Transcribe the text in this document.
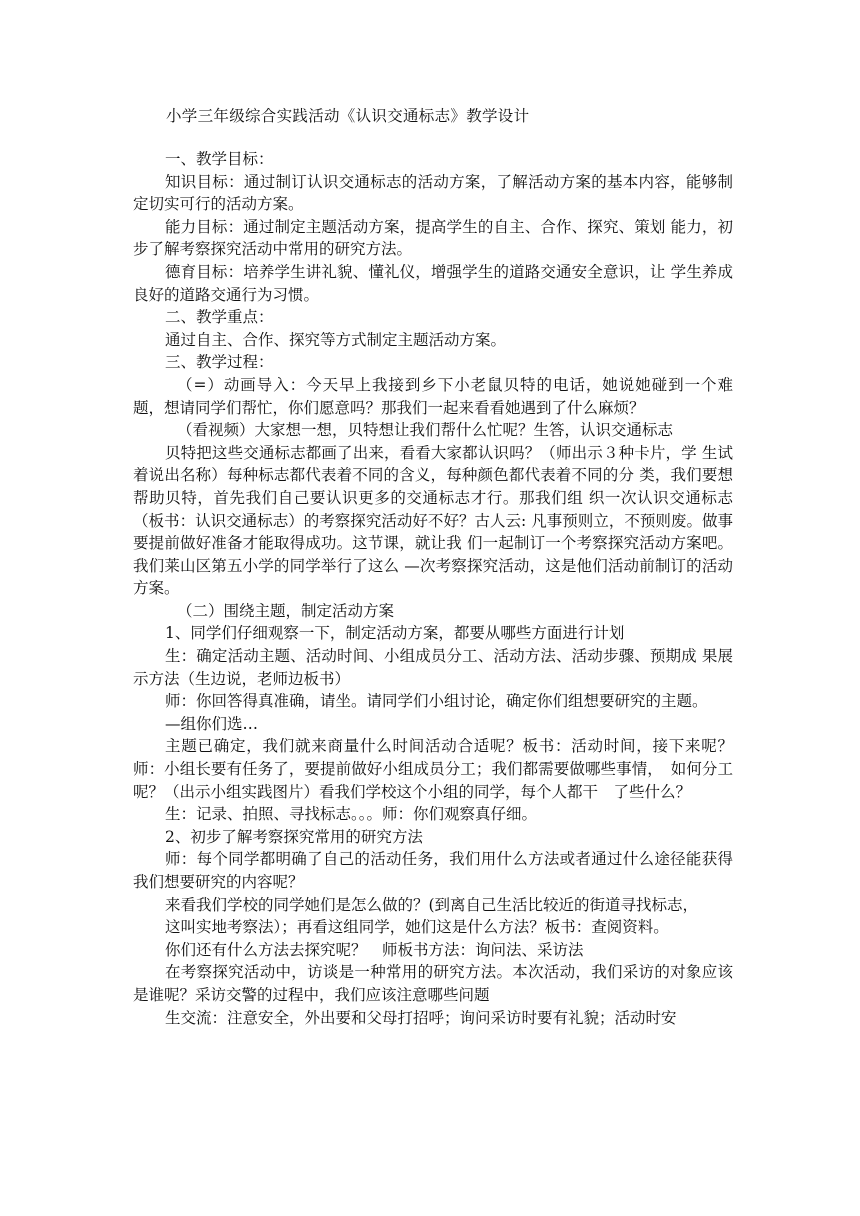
小学三年级综合实践活动《认识交通标志》教学设计

一、教学目标：

知识目标：通过制订认识交通标志的活动方案，了解活动方案的基本内容，能够制定切实可行的活动方案。

能力目标：通过制定主题活动方案，提高学生的自主、合作、探究、策划 能力，初步了解考察探究活动中常用的研究方法。

德育目标：培养学生讲礼貌、懂礼仪，增强学生的道路交通安全意识，让 学生养成良好的道路交通行为习惯。

二、教学重点：

通过自主、合作、探究等方式制定主题活动方案。

三、教学过程：

（=）动画导入：今天早上我接到乡下小老鼠贝特的电话，她说她碰到一个难 题，想请同学们帮忙，你们愿意吗？那我们一起来看看她遇到了什么麻烦？

（看视频）大家想一想，贝特想让我们帮什么忙呢？生答，认识交通标志

贝特把这些交通标志都画了出来，看看大家都认识吗？（师出示３种卡片，学 生试着说出名称）每种标志都代表着不同的含义，每种颜色都代表着不同的分 类，我们要想帮助贝特，首先我们自己要认识更多的交通标志才行。那我们组 织一次认识交通标志（板书：认识交通标志）的考察探究活动好不好？古人云: 凡事预则立，不预则废。做事要提前做好准备才能取得成功。这节课，就让我 们一起制订一个考察探究活动方案吧。我们莱山区第五小学的同学举行了这么 —次考察探究活动，这是他们活动前制订的活动方案。

（二）围绕主题，制定活动方案

1、同学们仔细观察一下，制定活动方案，都要从哪些方面进行计划

生：确定活动主题、活动时间、小组成员分工、活动方法、活动步骤、预期成 果展示方法（生边说，老师边板书）

师：你回答得真准确，请坐。请同学们小组讨论，确定你们组想要研究的主题。

—组你们选…

主题已确定，我们就来商量什么时间活动合适呢？板书：活动时间，接下来呢？　师：小组长要有任务了，要提前做好小组成员分工；我们都需要做哪些事情，　如何分工呢？（出示小组实践图片）看我们学校这个小组的同学，每个人都干　了些什么？

生：记录、拍照、寻找标志。。。师：你们观察真仔细。

2、初步了解考察探究常用的研究方法

师：每个同学都明确了自己的活动任务，我们用什么方法或者通过什么途径能获得我们想要研究的内容呢？

来看我们学校的同学她们是怎么做的？(到离自己生活比较近的街道寻找标志，

这叫实地考察法）；再看这组同学，她们这是什么方法？板书：查阅资料。

你们还有什么方法去探究呢？　师板书方法：询问法、采访法

在考察探究活动中，访谈是一种常用的研究方法。本次活动，我们采访的对象应该是谁呢？采访交警的过程中，我们应该注意哪些问题

生交流：注意安全，外出要和父母打招呼；询问采访时要有礼貌；活动时安
